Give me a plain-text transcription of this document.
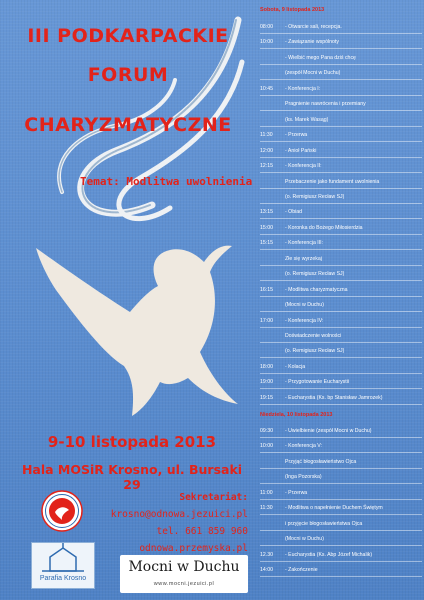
III PODKARPACKIE
FORUM
CHARYZMATYCZNE
Temat: Modlitwa uwolnienia
9-10 listopada 2013
Hala MOSiR Krosno, ul. Bursaki 29
Sekretariat: krosno@odnowa.jezuici.pl
tel. 661 859 960
odnowa.przemyska.pl
Parafia Krosno
Mocni w Duchu
www.mocni.jezuici.pl
Sobota, 9 listopada 2013
08:00 - Otwarcie sali, recepcja.
10:00 - Zawiązanie wspólnoty
- Wielbić mego Pana dziś chcę
(zespół Mocni w Duchu)
10:45 - Konferencja I:
Pragnienie nawrócenia i przemiany
(ks. Marek Wasąg)
11:30 - Przerwa
12:00 - Anioł Pański
12:15 - Konferencja II:
Przebaczenie jako fundament uwolnienia
(o. Remigiusz Recław SJ)
13:15 - Obiad
15:00 - Koronka do Bożego Miłosierdzia
15:15 - Konferencja III:
Złe się wyrzekaj
(o. Remigiusz Recław SJ)
16:15 - Modlitwa charyzmatyczna
(Mocni w Duchu)
17:00 - Konferencja IV:
Doświadczenie wolności
(o. Remigiusz Recław SJ)
18:00 - Kolacja
19:00 - Przygotowanie Eucharystii
19:15 - Eucharystia (Ks. bp Stanisław Jamrozek)
Niedziela, 10 listopada 2013
09:30 - Uwielbienie (zespół Mocni w Duchu)
10:00 - Konferencja V:
Przyjąć błogosławieństwo Ojca
(Inga Pozorska)
11:00 - Przerwa
11:30 - Modlitwa o napełnienie Duchem Świętym
i przyjęcie błogosławieństwa Ojca
(Mocni w Duchu)
12.30 - Eucharystia (Ks. Abp Józef Michalik)
14:00 - Zakończenie
